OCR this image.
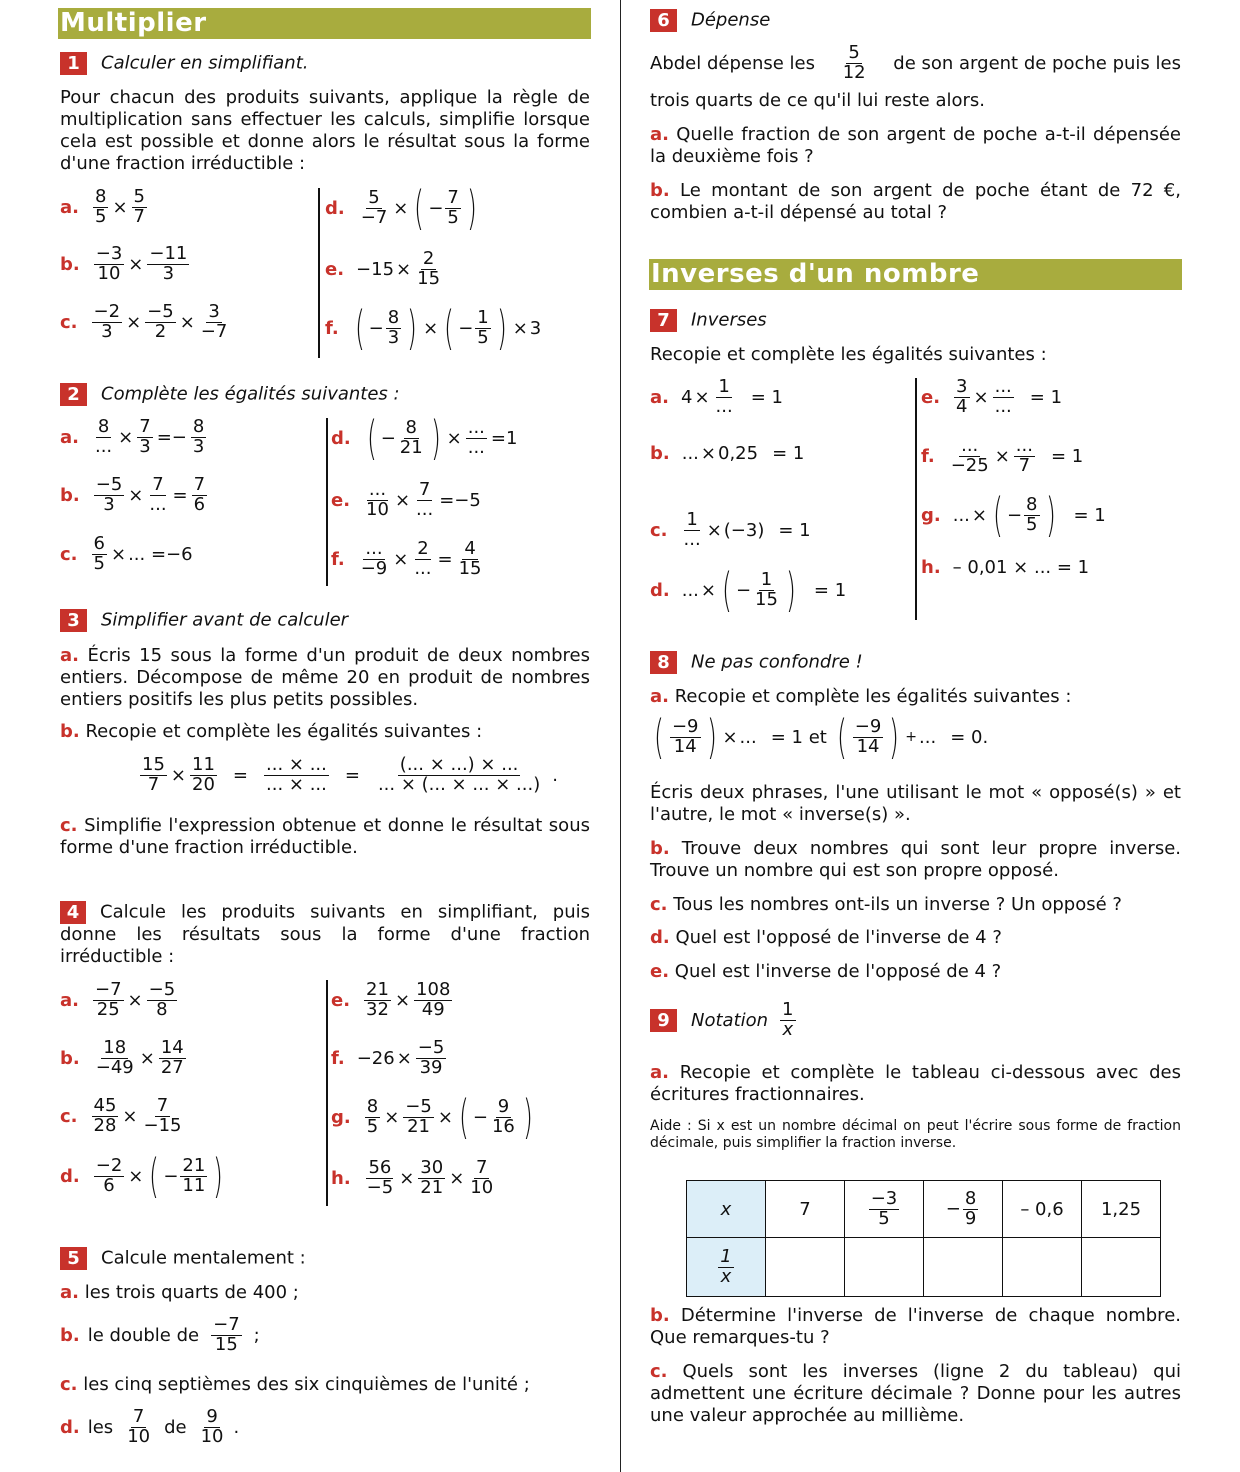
Multiplier
1 Calculer en simplifiant.
Pour chacun des produits suivants, applique la règle de multiplication sans effectuer les calculs, simplifie lorsque cela est possible et donne alors le résultat sous la forme d'une fraction irréductible :
a. $\frac{8}{5} \times \frac{5}{7}$
b. $\frac{-3}{10} \times \frac{-11}{3}$
c. $\frac{-2}{3} \times \frac{-5}{2} \times \frac{3}{-7}$
d. $\frac{5}{-7}$ × ( − $\frac{7}{5}$ )
e. $-15 \times \frac{2}{15}$
f. ( − $\frac{8}{3}$ ) × ( − $\frac{1}{5}$ ) × 3
2 Complète les égalités suivantes :
a. $\frac{8}{...} \times \frac{7}{3} =- \frac{8}{3}$
b. $\frac{-5}{3} \times \frac{7}{...} = \frac{7}{6}$
c. $\frac{6}{5}$ × ... =−6
d. ( − $\frac{8}{21}$ ) × $\frac{...}{...} =1$
e. $\frac{...}{10} \times \frac{7}{...} =-5$
f. $\frac{...}{-9} \times \frac{2}{...} = \frac{4}{15}$
3 Simplifier avant de calculer
a. Écris 15 sous la forme d'un produit de deux nombres entiers. Décompose de même 20 en produit de nombres entiers positifs les plus petits possibles.
b. Recopie et complète les égalités suivantes :
$\frac{15}{7} \times \frac{11}{20} = \frac{... \times ...}{... \times ...} = \frac{(... \times ...) \times ...}{... \times (... \times ... \times ...)}$ .
c. Simplifie l'expression obtenue et donne le résultat sous forme d'une fraction irréductible.
4 Calcule les produits suivants en simplifiant, puis donne les résultats sous la forme d'une fraction irréductible :
a. $\frac{-7}{25} \times \frac{-5}{8}$
b. $\frac{18}{-49} \times \frac{14}{27}$
c. $\frac{45}{28} \times \frac{7}{-15}$
d. $\frac{-2}{6}$ × ( − $\frac{21}{11}$ )
e. $\frac{21}{32} \times \frac{108}{49}$
f. $-26 \times \frac{-5}{39}$
g. $\frac{8}{5} \times \frac{-5}{21}$ × ( − $\frac{9}{16}$ )
h. $\frac{56}{-5} \times \frac{30}{21} \times \frac{7}{10}$
5 Calcule mentalement :
a. les trois quarts de 400 ;
b. le double de $\frac{-7}{15}$ ;
c. les cinq septièmes des six cinquièmes de l'unité ;
d. les $\frac{7}{10}$ de $\frac{9}{10}$ .
6 Dépense
Abdel dépense les $\frac{5}{12}$ de son argent de poche puis les
trois quarts de ce qu'il lui reste alors.
a. Quelle fraction de son argent de poche a-t-il dépensée la deuxième fois ?
b. Le montant de son argent de poche étant de 72 €, combien a-t-il dépensé au total ?
Inverses d'un nombre
7 Inverses
Recopie et complète les égalités suivantes :
a. $4 \times \frac{1}{...} = 1$
b. ... × 0,25 = 1
c. $\frac{1}{...} \times (-3) = 1$
d. ... × ( − $\frac{1}{15}$ ) = 1
e. $\frac{3}{4} \times \frac{...}{...} = 1$
f. $\frac{...}{-25} \times \frac{...}{7} = 1$
g. ... × ( − $\frac{8}{5}$ ) = 1
h. – 0,01 × ... = 1
8 Ne pas confondre !
a. Recopie et complète les égalités suivantes :
( $\frac{-9}{14}$ ) × ... = 1 et ( $\frac{-9}{14}$ ) + ... = 0.
Écris deux phrases, l'une utilisant le mot « opposé(s) » et l'autre, le mot « inverse(s) ».
b. Trouve deux nombres qui sont leur propre inverse. Trouve un nombre qui est son propre opposé.
c. Tous les nombres ont-ils un inverse ? Un opposé ?
d. Quel est l'opposé de l'inverse de 4 ?
e. Quel est l'inverse de l'opposé de 4 ?
9	Notation $\frac{1}{x}$
a. Recopie et complète le tableau ci-dessous avec des écritures fractionnaires.
Aide : Si x est un nombre décimal on peut l'écrire sous forme de fraction décimale, puis simplifier la fraction inverse.
x	7	$\frac{-3}{5}$	− $\frac{8}{9}$	– 0,6	1,25

$\frac{1}{x}$

b. Détermine l'inverse de l'inverse de chaque nombre. Que remarques-tu ?
c. Quels sont les inverses (ligne 2 du tableau) qui admettent une écriture décimale ? Donne pour les autres une valeur approchée au millième.
